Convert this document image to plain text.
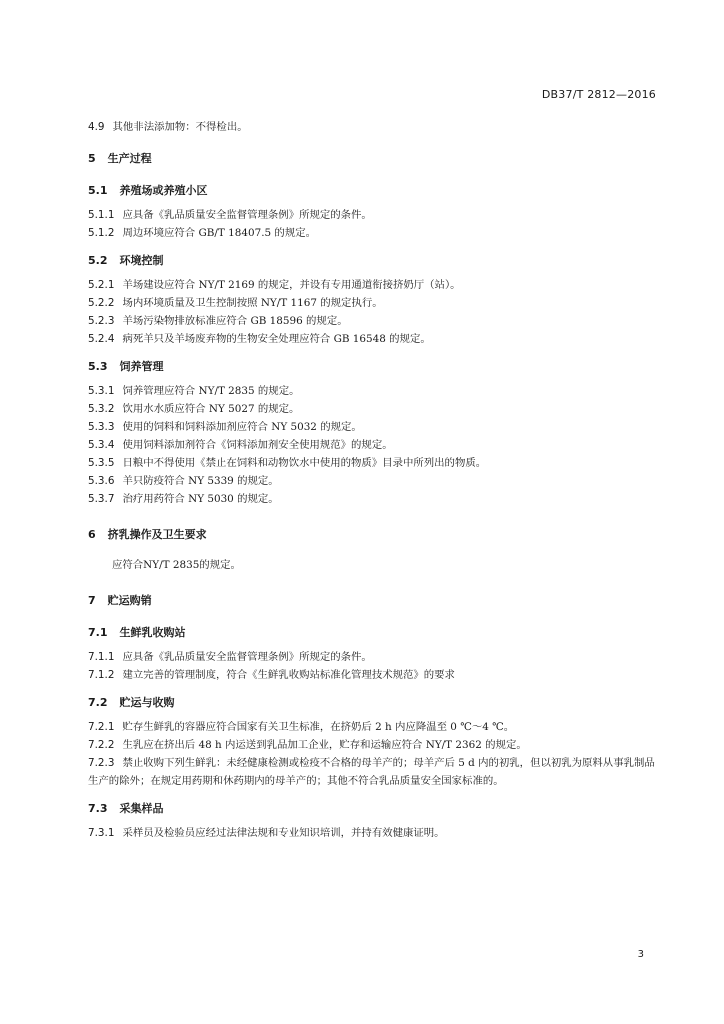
DB37/T 2812—2016
4.9 其他非法添加物：不得检出。
5 生产过程
5.1 养殖场或养殖小区
5.1.1 应具备《乳品质量安全监督管理条例》所规定的条件。
5.1.2 周边环境应符合 GB/T 18407.5 的规定。
5.2 环境控制
5.2.1 羊场建设应符合 NY/T 2169 的规定，并设有专用通道衔接挤奶厅（站）。
5.2.2 场内环境质量及卫生控制按照 NY/T 1167 的规定执行。
5.2.3 羊场污染物排放标准应符合 GB 18596 的规定。
5.2.4 病死羊只及羊场废弃物的生物安全处理应符合 GB 16548 的规定。
5.3 饲养管理
5.3.1 饲养管理应符合 NY/T 2835 的规定。
5.3.2 饮用水水质应符合 NY 5027 的规定。
5.3.3 使用的饲料和饲料添加剂应符合 NY 5032 的规定。
5.3.4 使用饲料添加剂符合《饲料添加剂安全使用规范》的规定。
5.3.5 日粮中不得使用《禁止在饲料和动物饮水中使用的物质》目录中所列出的物质。
5.3.6 羊只防疫符合 NY 5339 的规定。
5.3.7 治疗用药符合 NY 5030 的规定。
6 挤乳操作及卫生要求
应符合NY/T 2835的规定。
7 贮运购销
7.1 生鲜乳收购站
7.1.1 应具备《乳品质量安全监督管理条例》所规定的条件。
7.1.2 建立完善的管理制度，符合《生鲜乳收购站标准化管理技术规范》的要求
7.2 贮运与收购
7.2.1 贮存生鲜乳的容器应符合国家有关卫生标准，在挤奶后 2 h 内应降温至 0 ℃～4 ℃。
7.2.2 生乳应在挤出后 48 h 内运送到乳品加工企业，贮存和运输应符合 NY/T 2362 的规定。
7.2.3 禁止收购下列生鲜乳：未经健康检测或检疫不合格的母羊产的；母羊产后 5 d 内的初乳，但以初乳为原料从事乳制品生产的除外；在规定用药期和休药期内的母羊产的；其他不符合乳品质量安全国家标准的。
7.3 采集样品
7.3.1 采样员及检验员应经过法律法规和专业知识培训，并持有效健康证明。
3
